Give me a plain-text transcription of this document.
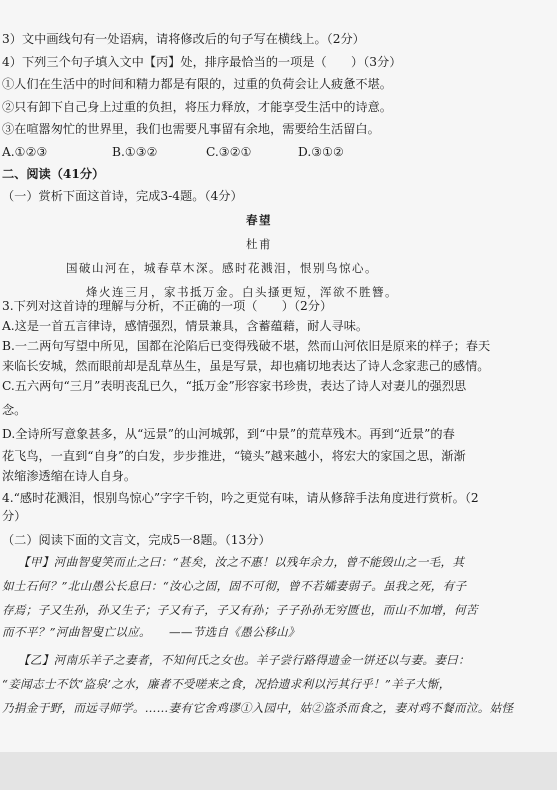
3）文中画线句有一处语病，请将修改后的句子写在横线上。（2分）
4）下列三个句子填入文中【丙】处，排序最恰当的一项是（　　）（3分）
①人们在生活中的时间和精力都是有限的，过重的负荷会让人疲惫不堪。
②只有卸下自己身上过重的负担，将压力释放，才能享受生活中的诗意。
③在喧嚣匆忙的世界里，我们也需要凡事留有余地，需要给生活留白。
A.①②③	B.①③②	C.③②①	D.③①②
二、阅读（41分）
（一）赏析下面这首诗，完成3-4题。（4分）
春望
杜甫
国破山河在，城春草木深。感时花溅泪，恨别鸟惊心。
烽火连三月，家书抵万金。白头搔更短，浑欲不胜簪。
3.下列对这首诗的理解与分析，不正确的一项（　　）（2分）
A.这是一首五言律诗，感情强烈，情景兼具，含蓄蕴藉，耐人寻味。
B.一二两句写望中所见，国都在沦陷后已变得残破不堪，然而山河依旧是原来的样子；春天
来临长安城，然而眼前却是乱草丛生，虽是写景，却也痛切地表达了诗人念家悲己的感情。
C.五六两句“三月”表明丧乱已久，“抵万金”形容家书珍贵，表达了诗人对妻儿的强烈思
念。
D.全诗所写意象甚多，从“远景”的山河城郭，到“中景”的荒草残木。再到“近景”的春
花飞鸟，一直到“自身”的白发，步步推进，“镜头”越来越小，将宏大的家国之思，渐渐
浓缩渗透缩在诗人自身。
4.“感时花溅泪，恨别鸟惊心”字字千钧，吟之更觉有味，请从修辞手法角度进行赏析。（2
分）
（二）阅读下面的文言文，完成5一8题。（13分）
【甲】河曲智叟笑而止之曰：“甚矣，汝之不惠！以残年余力，曾不能毁山之一毛，其
如土石何？”北山愚公长息曰：“汝心之固，固不可彻，曾不若孀妻弱子。虽我之死，有子
存焉；子又生孙，孙又生子；子又有子，子又有孙；子子孙孙无穷匮也，而山不加增，何苦
而不平？”河曲智叟亡以应。　　——节选自《愚公移山》
【乙】河南乐羊子之妻者，不知何氏之女也。羊子尝行路得遗金一饼还以与妻。妻曰：
“妾闻志士不饮‘盗泉’之水，廉者不受嗟来之食，况拾遗求利以污其行乎！”羊子大惭，
乃捐金于野，而远寻师学。……妻有它舍鸡谬①入园中，姑②盗杀而食之，妻对鸡不餐而泣。姑怪
